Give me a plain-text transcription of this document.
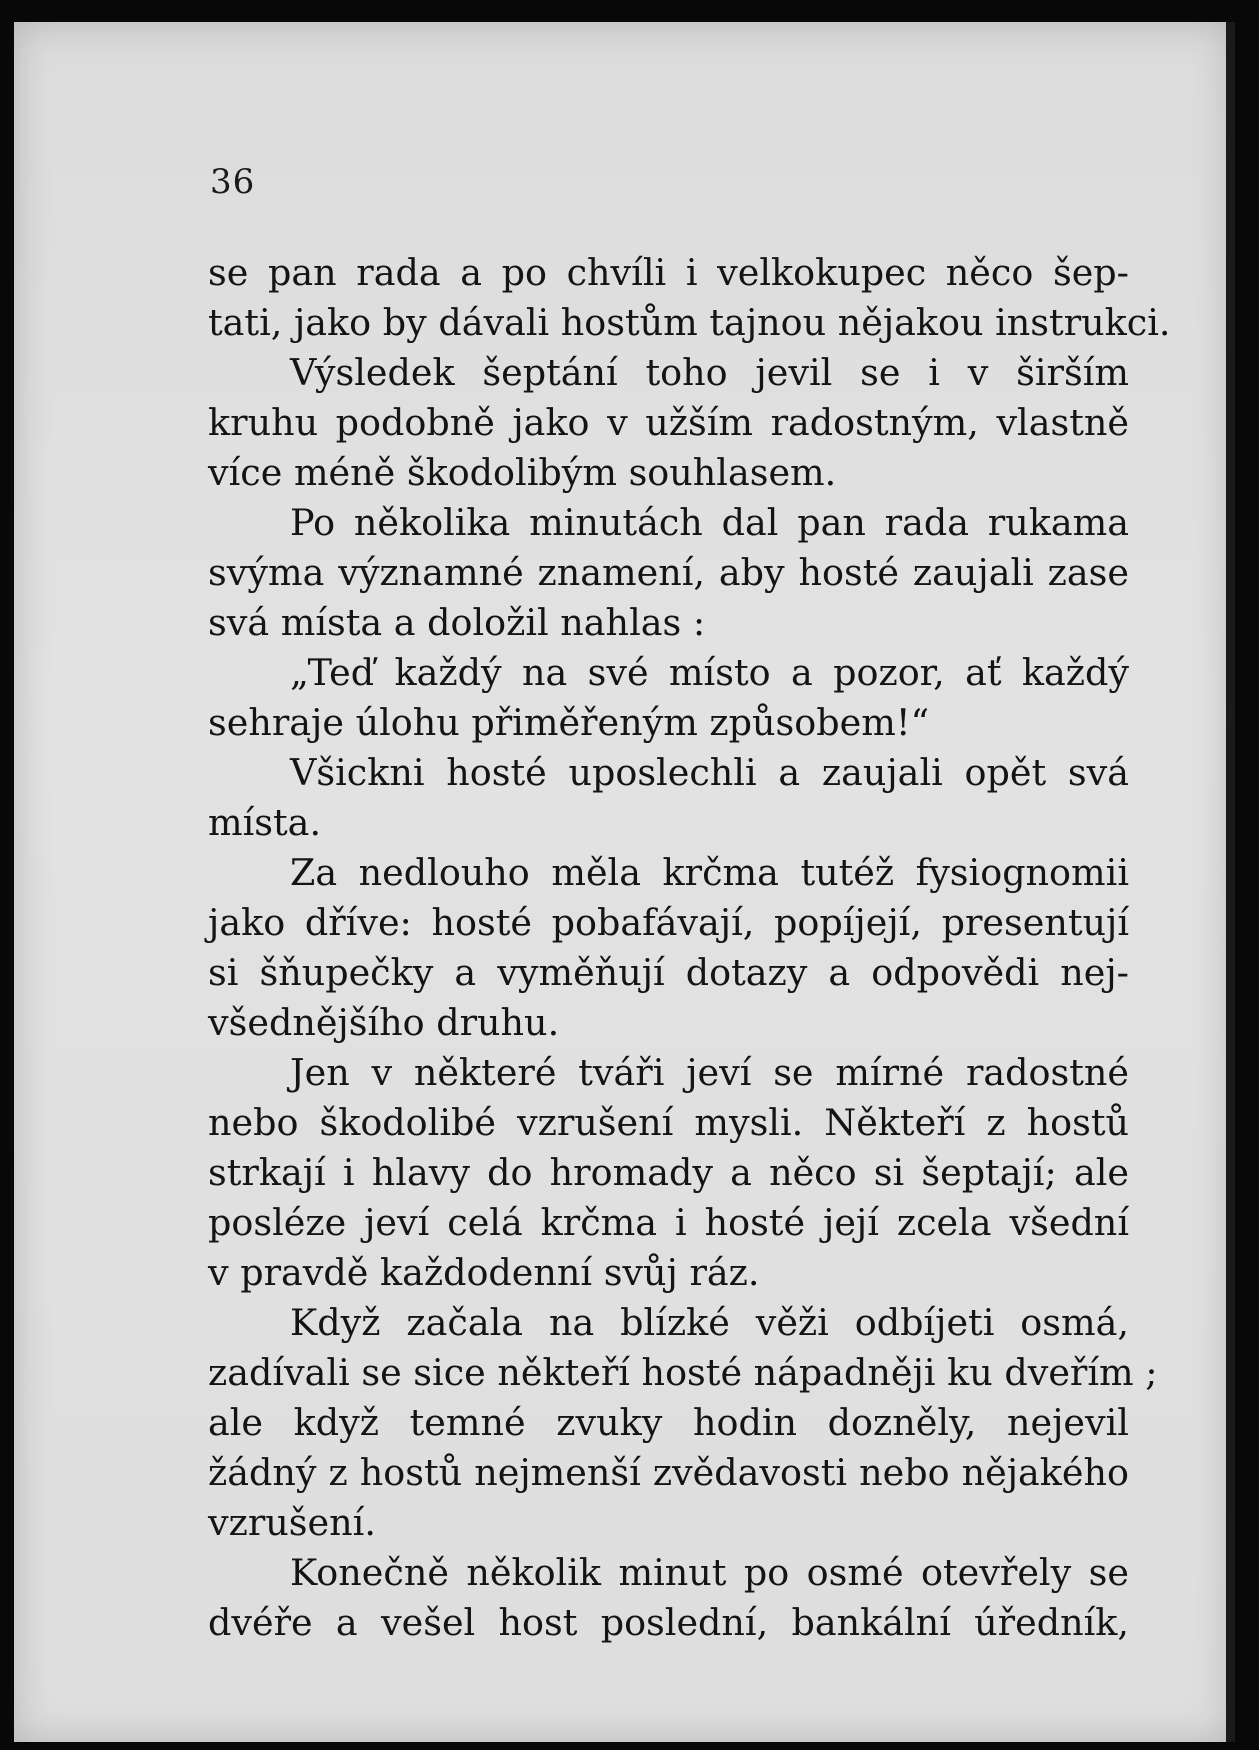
36
se pan rada a po chvíli i velkokupec něco šep-
tati, jako by dávali hostům tajnou nějakou instrukci.
Výsledek šeptání toho jevil se i v širším
kruhu podobně jako v užším radostným, vlastně
více méně škodolibým souhlasem.
Po několika minutách dal pan rada rukama
svýma významné znamení, aby hosté zaujali zase
svá místa a doložil nahlas :
„Teď každý na své místo a pozor, ať každý
sehraje úlohu přiměřeným způsobem!“
Všickni hosté uposlechli a zaujali opět svá
místa.
Za nedlouho měla krčma tutéž fysiognomii
jako dříve: hosté pobafávají, popíjejí, presentují
si šňupečky a vyměňují dotazy a odpovědi nej-
všednějšího druhu.
Jen v některé tváři jeví se mírné radostné
nebo škodolibé vzrušení mysli. Někteří z hostů
strkají i hlavy do hromady a něco si šeptají; ale
posléze jeví celá krčma i hosté její zcela všední
v pravdě každodenní svůj ráz.
Když začala na blízké věži odbíjeti osmá,
zadívali se sice někteří hosté nápadněji ku dveřím ;
ale když temné zvuky hodin dozněly, nejevil
žádný z hostů nejmenší zvědavosti nebo nějakého
vzrušení.
Konečně několik minut po osmé otevřely se
dvéře a vešel host poslední, bankální úředník,
